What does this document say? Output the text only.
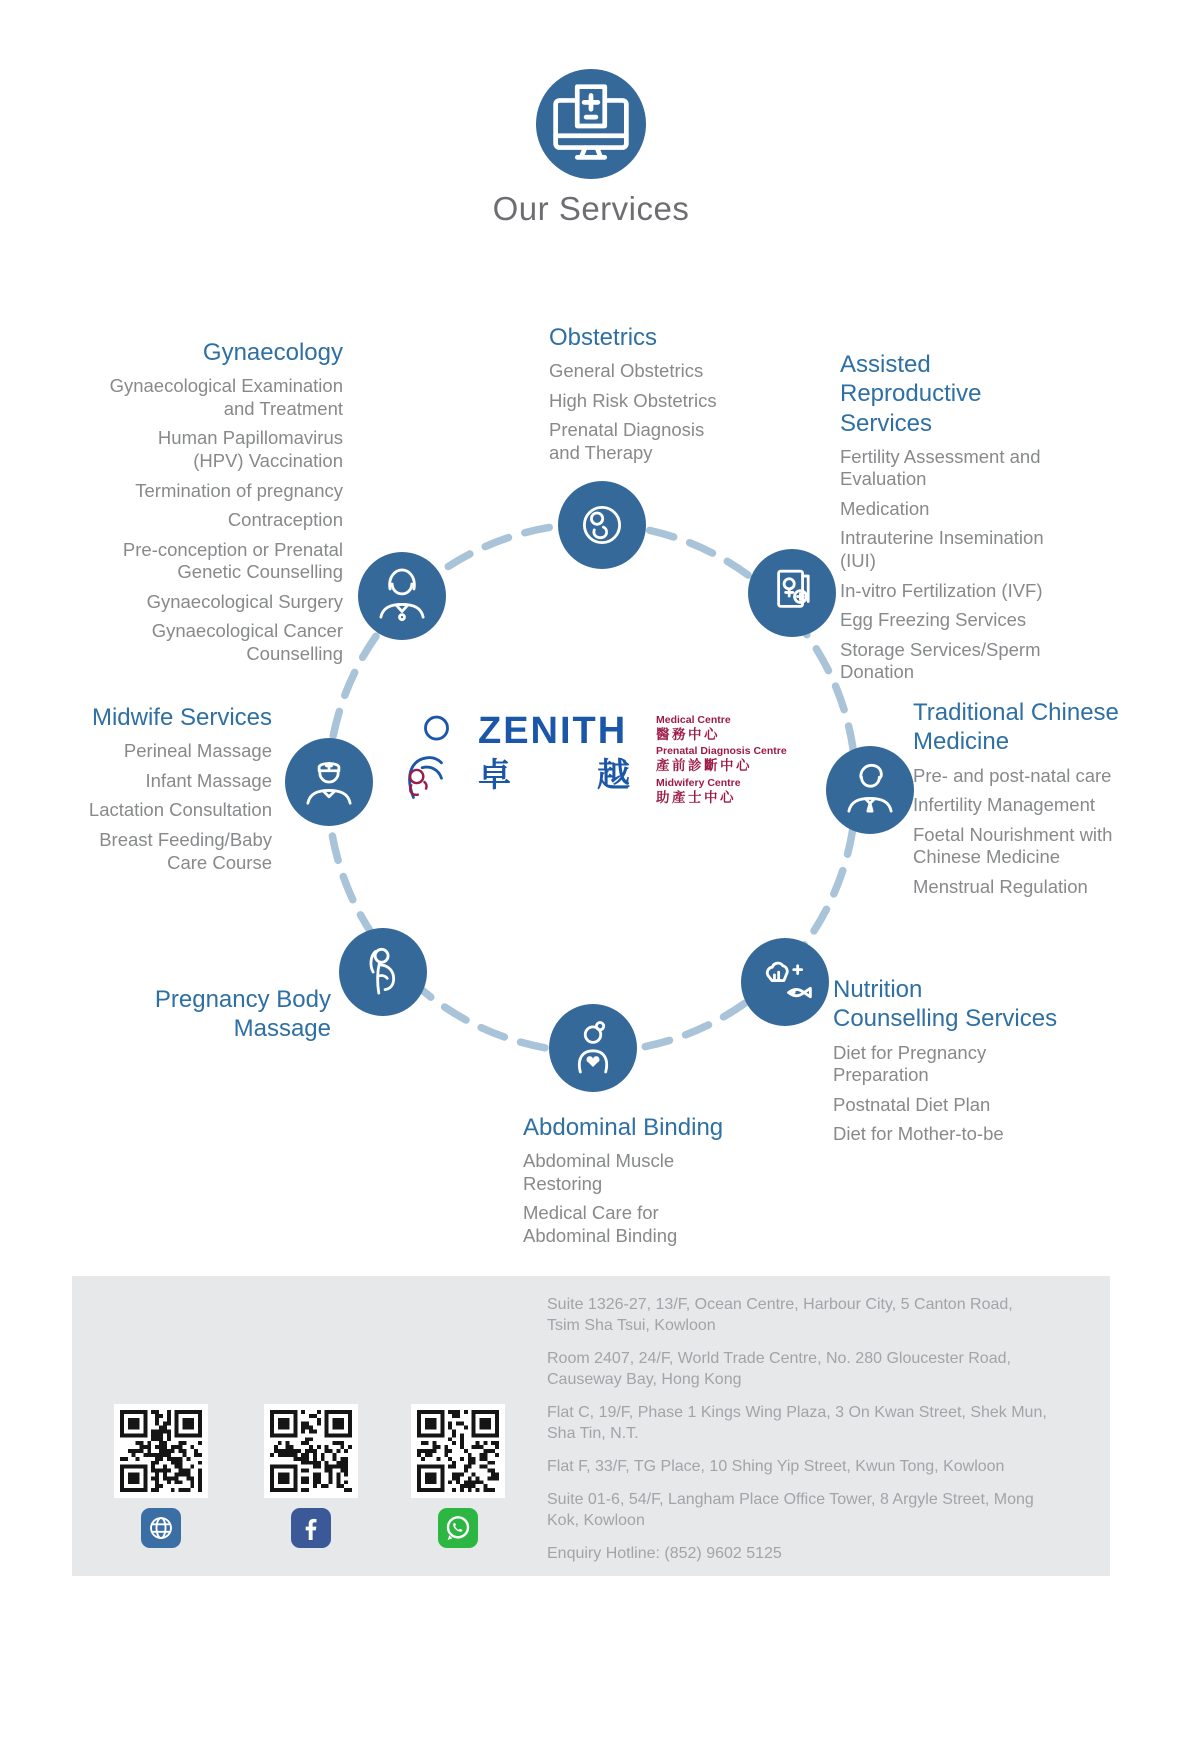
Our Services
ZENITH
卓	越
Medical Centre
醫務中心
Prenatal Diagnosis Centre
產前診斷中心
Midwifery Centre
助產士中心
Gynaecology
Gynaecological Examination and Treatment
Human Papillomavirus (HPV) Vaccination
Termination of pregnancy
Contraception
Pre-conception or Prenatal Genetic Counselling
Gynaecological Surgery
Gynaecological Cancer Counselling
Obstetrics
General Obstetrics
High Risk Obstetrics
Prenatal Diagnosis and Therapy
Assisted Reproductive
Services
Fertility Assessment and Evaluation
Medication
Intrauterine Insemination (IUI)
In-vitro Fertilization (IVF)
Egg Freezing Services
Storage Services/Sperm Donation
Midwife Services
Perineal Massage
Infant Massage
Lactation Consultation
Breast Feeding/Baby Care Course
Traditional Chinese
Medicine
Pre- and post-natal care
Infertility Management
Foetal Nourishment with Chinese Medicine
Menstrual Regulation
Pregnancy Body
Massage
Nutrition
Counselling Services
Diet for Pregnancy Preparation
Postnatal Diet Plan
Diet for Mother-to-be
Abdominal Binding
Abdominal Muscle Restoring
Medical Care for Abdominal Binding

Suite 1326-27, 13/F, Ocean Centre, Harbour City, 5 Canton Road, Tsim Sha Tsui, Kowloon

Room 2407, 24/F, World Trade Centre, No. 280 Gloucester Road, Causeway Bay, Hong Kong

Flat C, 19/F, Phase 1 Kings Wing Plaza, 3 On Kwan Street, Shek Mun, Sha Tin, N.T.

Flat F, 33/F, TG Place, 10 Shing Yip Street, Kwun Tong, Kowloon

Suite 01-6, 54/F, Langham Place Office Tower, 8 Argyle Street, Mong Kok, Kowloon

Enquiry Hotline: (852) 9602 5125
